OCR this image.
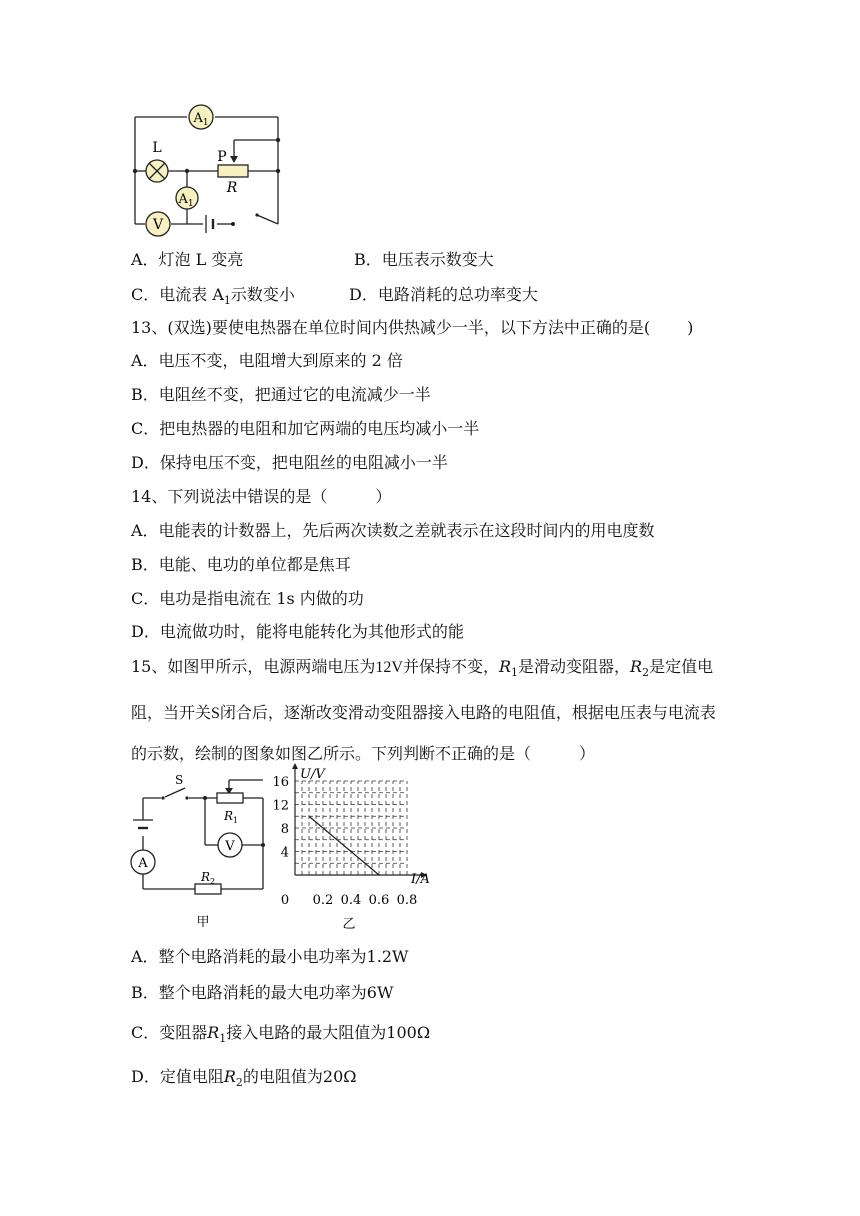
$A_1$
L
P
R
$A_1$
V
A．灯泡 L 变亮	B．电压表示数变大
C．电流表 $A_1$示数变小	D．电路消耗的总功率变大
13、(双选)要使电热器在单位时间内供热减少一半，以下方法中正确的是(　　 )
A．电压不变，电阻增大到原来的 2 倍
B．电阻丝不变，把通过它的电流减少一半
C．把电热器的电阻和加它两端的电压均减小一半
D．保持电压不变，把电阻丝的电阻减小一半
14、下列说法中错误的是（　　　）
A．电能表的计数器上，先后两次读数之差就表示在这段时间内的用电度数
B．电能、电功的单位都是焦耳
C．电功是指电流在 1s 内做的功
D．电流做功时，能将电能转化为其他形式的能
15、如图甲所示，电源两端电压为12V并保持不变，$R_1$是滑动变阻器，$R_2$是定值电阻，当开关S闭合后，逐渐改变滑动变阻器接入电路的电阻值，根据电压表与电流表的示数，绘制的图象如图乙所示。下列判断不正确的是（　　　）
S
$R_1$
V
A
$R_2$
甲
0 0.2 0.4 0.6 0.8
4
8
12
16
U/V
I/A
乙
A．整个电路消耗的最小电功率为1.2W
B．整个电路消耗的最大电功率为6W
C．变阻器$R_1$接入电路的最大阻值为100Ω
D．定值电阻$R_2$的电阻值为20Ω
